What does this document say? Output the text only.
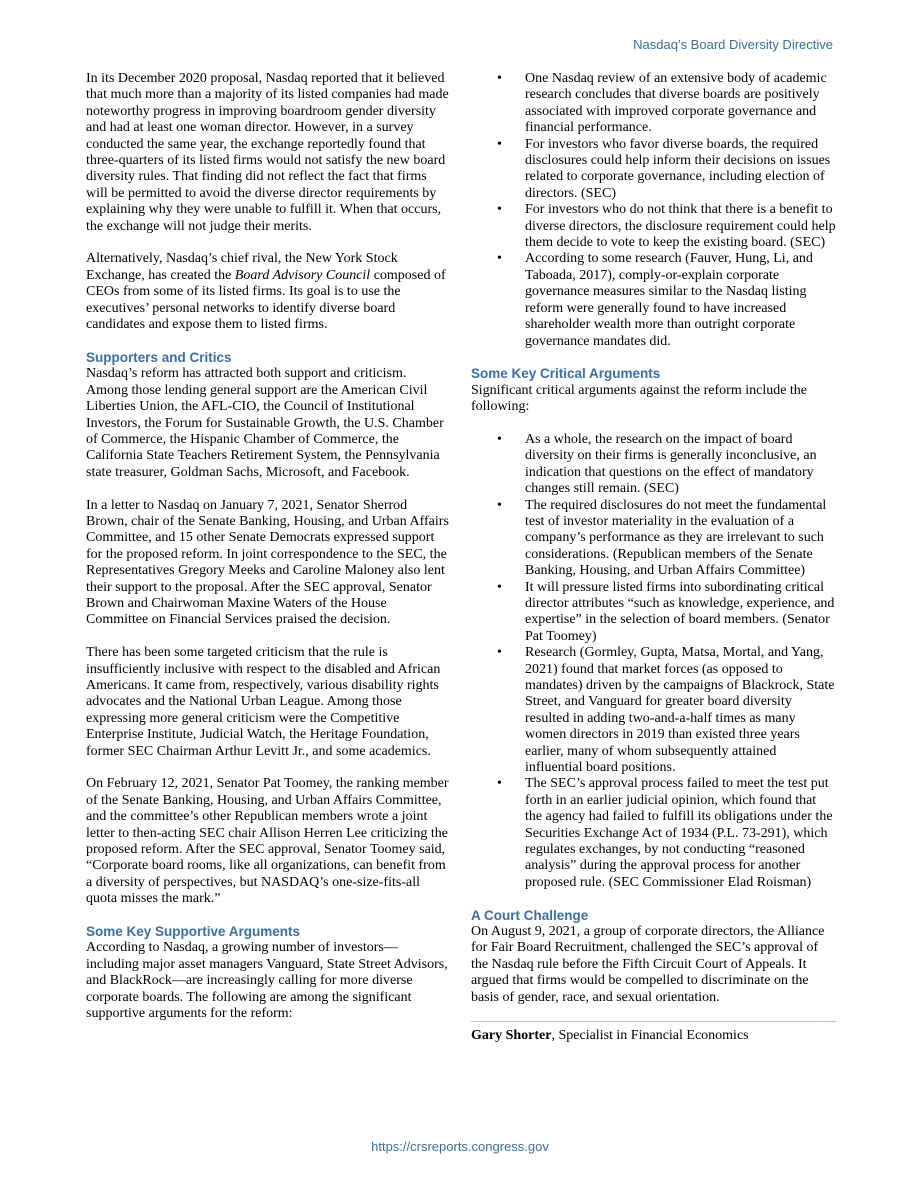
Nasdaq’s Board Diversity Directive

In its December 2020 proposal, Nasdaq reported that it believed that much more than a majority of its listed companies had made noteworthy progress in improving boardroom gender diversity and had at least one woman director. However, in a survey conducted the same year, the exchange reportedly found that three-quarters of its listed firms would not satisfy the new board diversity rules. That finding did not reflect the fact that firms will be permitted to avoid the diverse director requirements by explaining why they were unable to fulfill it. When that occurs, the exchange will not judge their merits.

Alternatively, Nasdaq’s chief rival, the New York Stock Exchange, has created the Board Advisory Council composed of CEOs from some of its listed firms. Its goal is to use the executives’ personal networks to identify diverse board candidates and expose them to listed firms.

Supporters and Critics

Nasdaq’s reform has attracted both support and criticism. Among those lending general support are the American Civil Liberties Union, the AFL-CIO, the Council of Institutional Investors, the Forum for Sustainable Growth, the U.S. Chamber of Commerce, the Hispanic Chamber of Commerce, the California State Teachers Retirement System, the Pennsylvania state treasurer, Goldman Sachs, Microsoft, and Facebook.

In a letter to Nasdaq on January 7, 2021, Senator Sherrod Brown, chair of the Senate Banking, Housing, and Urban Affairs Committee, and 15 other Senate Democrats expressed support for the proposed reform. In joint correspondence to the SEC, the Representatives Gregory Meeks and Caroline Maloney also lent their support to the proposal. After the SEC approval, Senator Brown and Chairwoman Maxine Waters of the House Committee on Financial Services praised the decision.

There has been some targeted criticism that the rule is insufficiently inclusive with respect to the disabled and African Americans. It came from, respectively, various disability rights advocates and the National Urban League. Among those expressing more general criticism were the Competitive Enterprise Institute, Judicial Watch, the Heritage Foundation, former SEC Chairman Arthur Levitt Jr., and some academics.

On February 12, 2021, Senator Pat Toomey, the ranking member of the Senate Banking, Housing, and Urban Affairs Committee, and the committee’s other Republican members wrote a joint letter to then-acting SEC chair Allison Herren Lee criticizing the proposed reform. After the SEC approval, Senator Toomey said, “Corporate board rooms, like all organizations, can benefit from a diversity of perspectives, but NASDAQ’s one-size-fits-all quota misses the mark.”

Some Key Supportive Arguments

According to Nasdaq, a growing number of investors—including major asset managers Vanguard, State Street Advisors, and BlackRock—are increasingly calling for more diverse corporate boards. The following are among the significant supportive arguments for the reform:

• One Nasdaq review of an extensive body of academic research concludes that diverse boards are positively associated with improved corporate governance and financial performance.
• For investors who favor diverse boards, the required disclosures could help inform their decisions on issues related to corporate governance, including election of directors. (SEC)
• For investors who do not think that there is a benefit to diverse directors, the disclosure requirement could help them decide to vote to keep the existing board. (SEC)
• According to some research (Fauver, Hung, Li, and Taboada, 2017), comply-or-explain corporate governance measures similar to the Nasdaq listing reform were generally found to have increased shareholder wealth more than outright corporate governance mandates did.
Some Key Critical Arguments

Significant critical arguments against the reform include the following:

• As a whole, the research on the impact of board diversity on their firms is generally inconclusive, an indication that questions on the effect of mandatory changes still remain. (SEC)
• The required disclosures do not meet the fundamental test of investor materiality in the evaluation of a company’s performance as they are irrelevant to such considerations. (Republican members of the Senate Banking, Housing, and Urban Affairs Committee)
• It will pressure listed firms into subordinating critical director attributes “such as knowledge, experience, and expertise” in the selection of board members. (Senator Pat Toomey)
• Research (Gormley, Gupta, Matsa, Mortal, and Yang, 2021) found that market forces (as opposed to mandates) driven by the campaigns of Blackrock, State Street, and Vanguard for greater board diversity resulted in adding two-and-a-half times as many women directors in 2019 than existed three years earlier, many of whom subsequently attained influential board positions.
• The SEC’s approval process failed to meet the test put forth in an earlier judicial opinion, which found that the agency had failed to fulfill its obligations under the Securities Exchange Act of 1934 (P.L. 73-291), which regulates exchanges, by not conducting “reasoned analysis” during the approval process for another proposed rule. (SEC Commissioner Elad Roisman)
A Court Challenge

On August 9, 2021, a group of corporate directors, the Alliance for Fair Board Recruitment, challenged the SEC’s approval of the Nasdaq rule before the Fifth Circuit Court of Appeals. It argued that firms would be compelled to discriminate on the basis of gender, race, and sexual orientation.

Gary Shorter, Specialist in Financial Economics
https://crsreports.congress.gov
